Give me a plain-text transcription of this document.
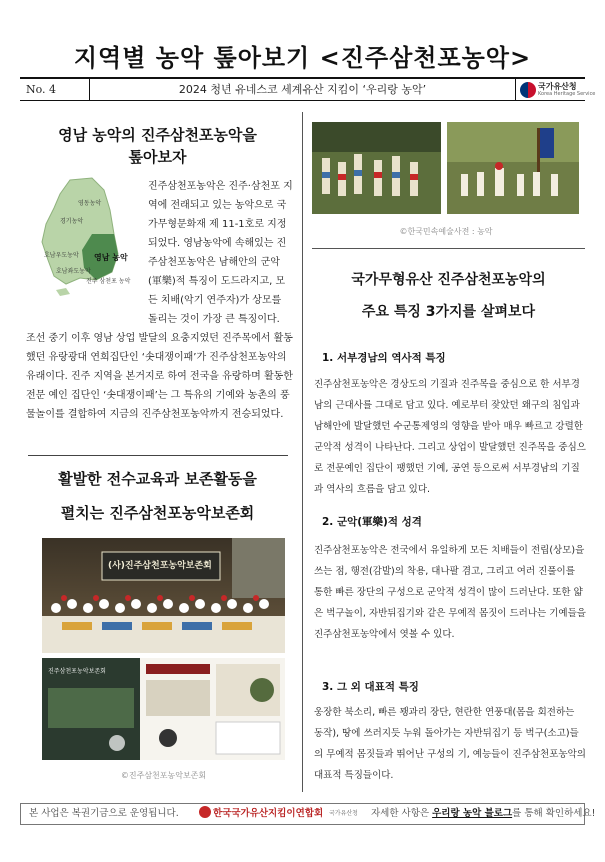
지역별 농악 톺아보기 <진주삼천포농악>
No. 4	2024 청년 유네스코 세계유산 지킴이 ‘우리랑 농악’	국가유산청
Korea Heritage Service
영남 농악의 진주삼천포농악을
톺아보자
영동농악
경기농악
호남우도농악
호남좌도농악
영남 농악
진주 삼천포 농악
진주삼천포농악은 진주·삼천포 지역에 전래되고 있는 농악으로 국가무형문화재 제 11-1호로 지정되었다. 영남농악에 속해있는 진주삼천포농악은 남해안의 군악(軍樂)적 특징이 도드라지고, 모든 치배(악기 연주자)가 상모를 돌리는 것이 가장 큰 특징이다.
조선 중기 이후 영남 상업 발달의 요충지였던 진주목에서 활동했던 유랑광대 연희집단인 ‘솟대쟁이패’가 진주삼천포농악의 유래이다. 진주 지역을 본거지로 하여 전국을 유랑하며 활동한 전문 예인 집단인 ‘솟대쟁이패’는 그 특유의 기예와 농촌의 풍물놀이를 결합하여 지금의 진주삼천포농악까지 전승되었다.
활발한 전수교육과 보존활동을
펼치는 진주삼천포농악보존회
(사)진주삼천포농악보존회
진주삼천포농악보존회
©진주삼천포농악보존회
©한국민속예술사전 : 농악
국가무형유산 진주삼천포농악의
주요 특징 3가지를 살펴보다
1. 서부경남의 역사적 특징
진주삼천포농악은 경상도의 기질과 진주목을 중심으로 한 서부경남의 근대사를 그대로 담고 있다. 예로부터 잦았던 왜구의 침입과 남해안에 발달했던 수군통제영의 영향을 받아 매우 빠르고 강렬한 군악적 성격이 나타난다. 그리고 상업이 발달했던 진주목을 중심으로 전문예인 집단이 팽했던 기예, 공연 등으로써 서부경남의 기질과 역사의 흐름을 담고 있다.
2. 군악(軍樂)적 성격
진주삼천포농악은 전국에서 유일하게 모든 치배들이 전립(상모)을 쓰는 점, 행전(감발)의 착용, 대나팔 겸고, 그리고 여러 진풀이를 통한 빠른 장단의 구성으로 군악적 성격이 많이 드러난다. 또한 얇은 벅구놀이, 자반뒤집기와 같은 무예적 몸짓이 드러나는 기예들을 진주삼천포농악에서 엿볼 수 있다.
3. 그 외 대표적 특징
웅장한 북소리, 빠른 꽹과리 장단, 현란한 연풍대(몸을 회전하는 동작), 땅에 쓰러지듯 누워 돌아가는 자반뒤집기 등 벅구(소고)들의 무예적 몸짓들과 뛰어난 구성의 기, 예능들이 진주삼천포농악의 대표적 특징들이다.
본 사업은 복권기금으로 운영됩니다.	한국국가유산지킴이연합회 국가유산청 자세한 사항은 우리랑 농악 블로그를 통해 확인하세요!
